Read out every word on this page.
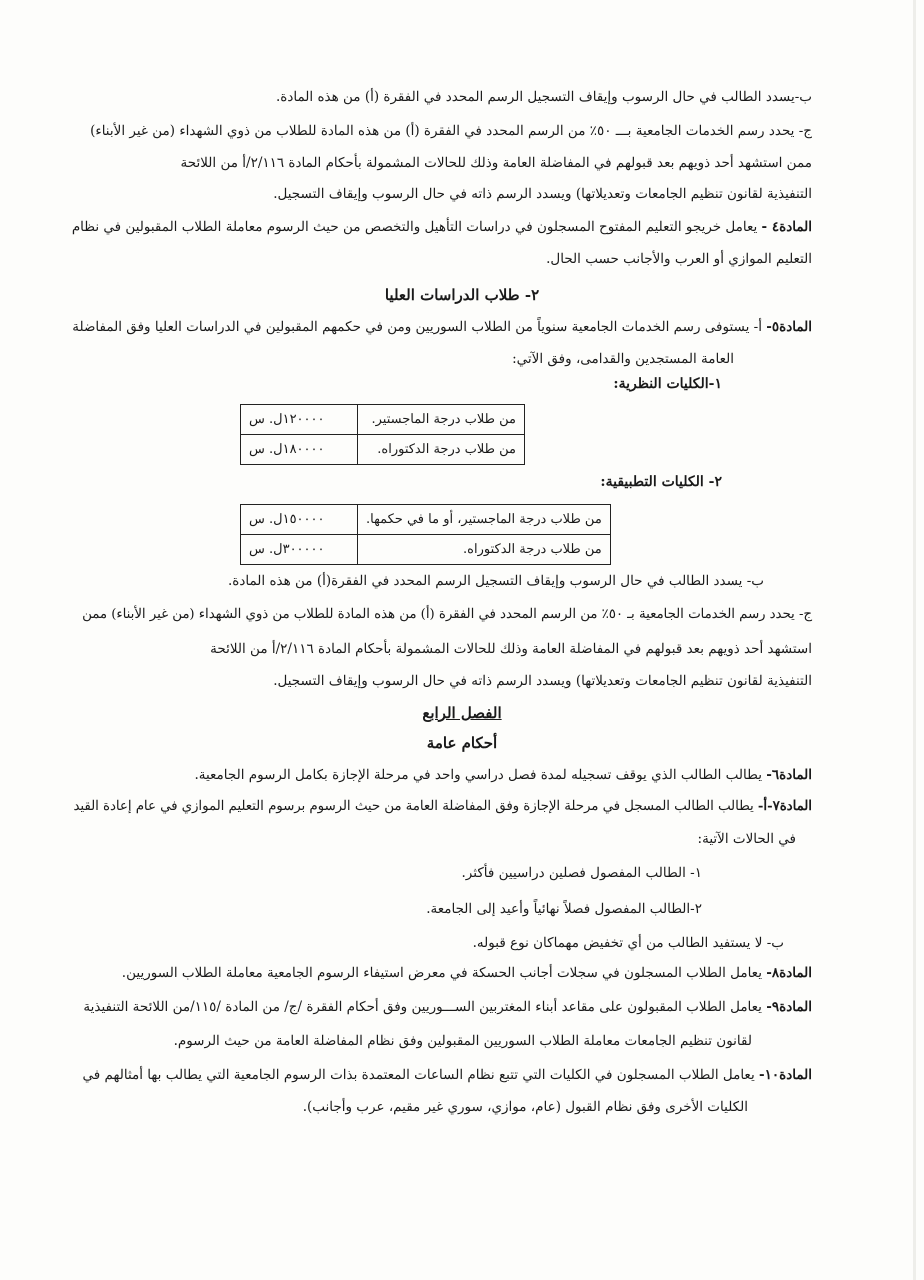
ب-يسدد الطالب في حال الرسوب وإيقاف التسجيل الرسم المحدد في الفقرة (أ) من هذه المادة.
ج- يحدد رسم الخدمات الجامعية بـــ ٥٠٪ من الرسم المحدد في الفقرة (أ) من هذه المادة للطلاب من ذوي الشهداء (من غير الأبناء)
ممن استشهد أحد ذويهم بعد قبولهم في المفاضلة العامة وذلك للحالات المشمولة بأحكام المادة ٢/١١٦/أ من اللائحة
التنفيذية لقانون تنظيم الجامعات وتعديلاتها) ويسدد الرسم ذاته في حال الرسوب وإيقاف التسجيل.
المادة٤ - يعامل خريجو التعليم المفتوح المسجلون في دراسات التأهيل والتخصص من حيث الرسوم معاملة الطلاب المقبولين في نظام
التعليم الموازي أو العرب والأجانب حسب الحال.
٢- طلاب الدراسات العليا
المادة٥- أ- يستوفى رسم الخدمات الجامعية سنوياً من الطلاب السوريين ومن في حكمهم المقبولين في الدراسات العليا وفق المفاضلة
العامة المستجدين والقدامى، وفق الآتي:
١-الكليات النظرية:
من طلاب درجة الماجستير.	١٢٠٠٠٠ل. س
من طلاب درجة الدكتوراه.	١٨٠٠٠٠ل. س
٢- الكليات التطبيقية:
من طلاب درجة الماجستير، أو ما في حكمها.	١٥٠٠٠٠ل. س
من طلاب درجة الدكتوراه.	٣٠٠٠٠٠ل. س
ب- يسدد الطالب في حال الرسوب وإيقاف التسجيل الرسم المحدد في الفقرة(أ) من هذه المادة.
ج- يحدد رسم الخدمات الجامعية بـ ٥٠٪ من الرسم المحدد في الفقرة (أ) من هذه المادة للطلاب من ذوي الشهداء (من غير الأبناء) ممن
استشهد أحد ذويهم بعد قبولهم في المفاضلة العامة وذلك للحالات المشمولة بأحكام المادة ٢/١١٦/أ من اللائحة
التنفيذية لقانون تنظيم الجامعات وتعديلاتها) ويسدد الرسم ذاته في حال الرسوب وإيقاف التسجيل.
الفصل الرابع
أحكام عامة
المادة٦- يطالب الطالب الذي يوقف تسجيله لمدة فصل دراسي واحد في مرحلة الإجازة بكامل الرسوم الجامعية.
المادة٧-أ- يطالب الطالب المسجل في مرحلة الإجازة وفق المفاضلة العامة من حيث الرسوم برسوم التعليم الموازي في عام إعادة القيد
في الحالات الآتية:
١- الطالب المفصول فصلين دراسيين فأكثر.
٢-الطالب المفصول فصلاً نهائياً وأعيد إلى الجامعة.
ب- لا يستفيد الطالب من أي تخفيض مهماكان نوع قبوله.
المادة٨- يعامل الطلاب المسجلون في سجلات أجانب الحسكة في معرض استيفاء الرسوم الجامعية معاملة الطلاب السوريين.
المادة٩- يعامل الطلاب المقبولون على مقاعد أبناء المغتربين الســـوريين وفق أحكام الفقرة /ج/ من المادة /١١٥/من اللائحة التنفيذية
لقانون تنظيم الجامعات معاملة الطلاب السوريين المقبولين وفق نظام المفاضلة العامة من حيث الرسوم.
المادة١٠- يعامل الطلاب المسجلون في الكليات التي تتبع نظام الساعات المعتمدة بذات الرسوم الجامعية التي يطالب بها أمثالهم في
الكليات الأخرى وفق نظام القبول (عام، موازي، سوري غير مقيم، عرب وأجانب).
